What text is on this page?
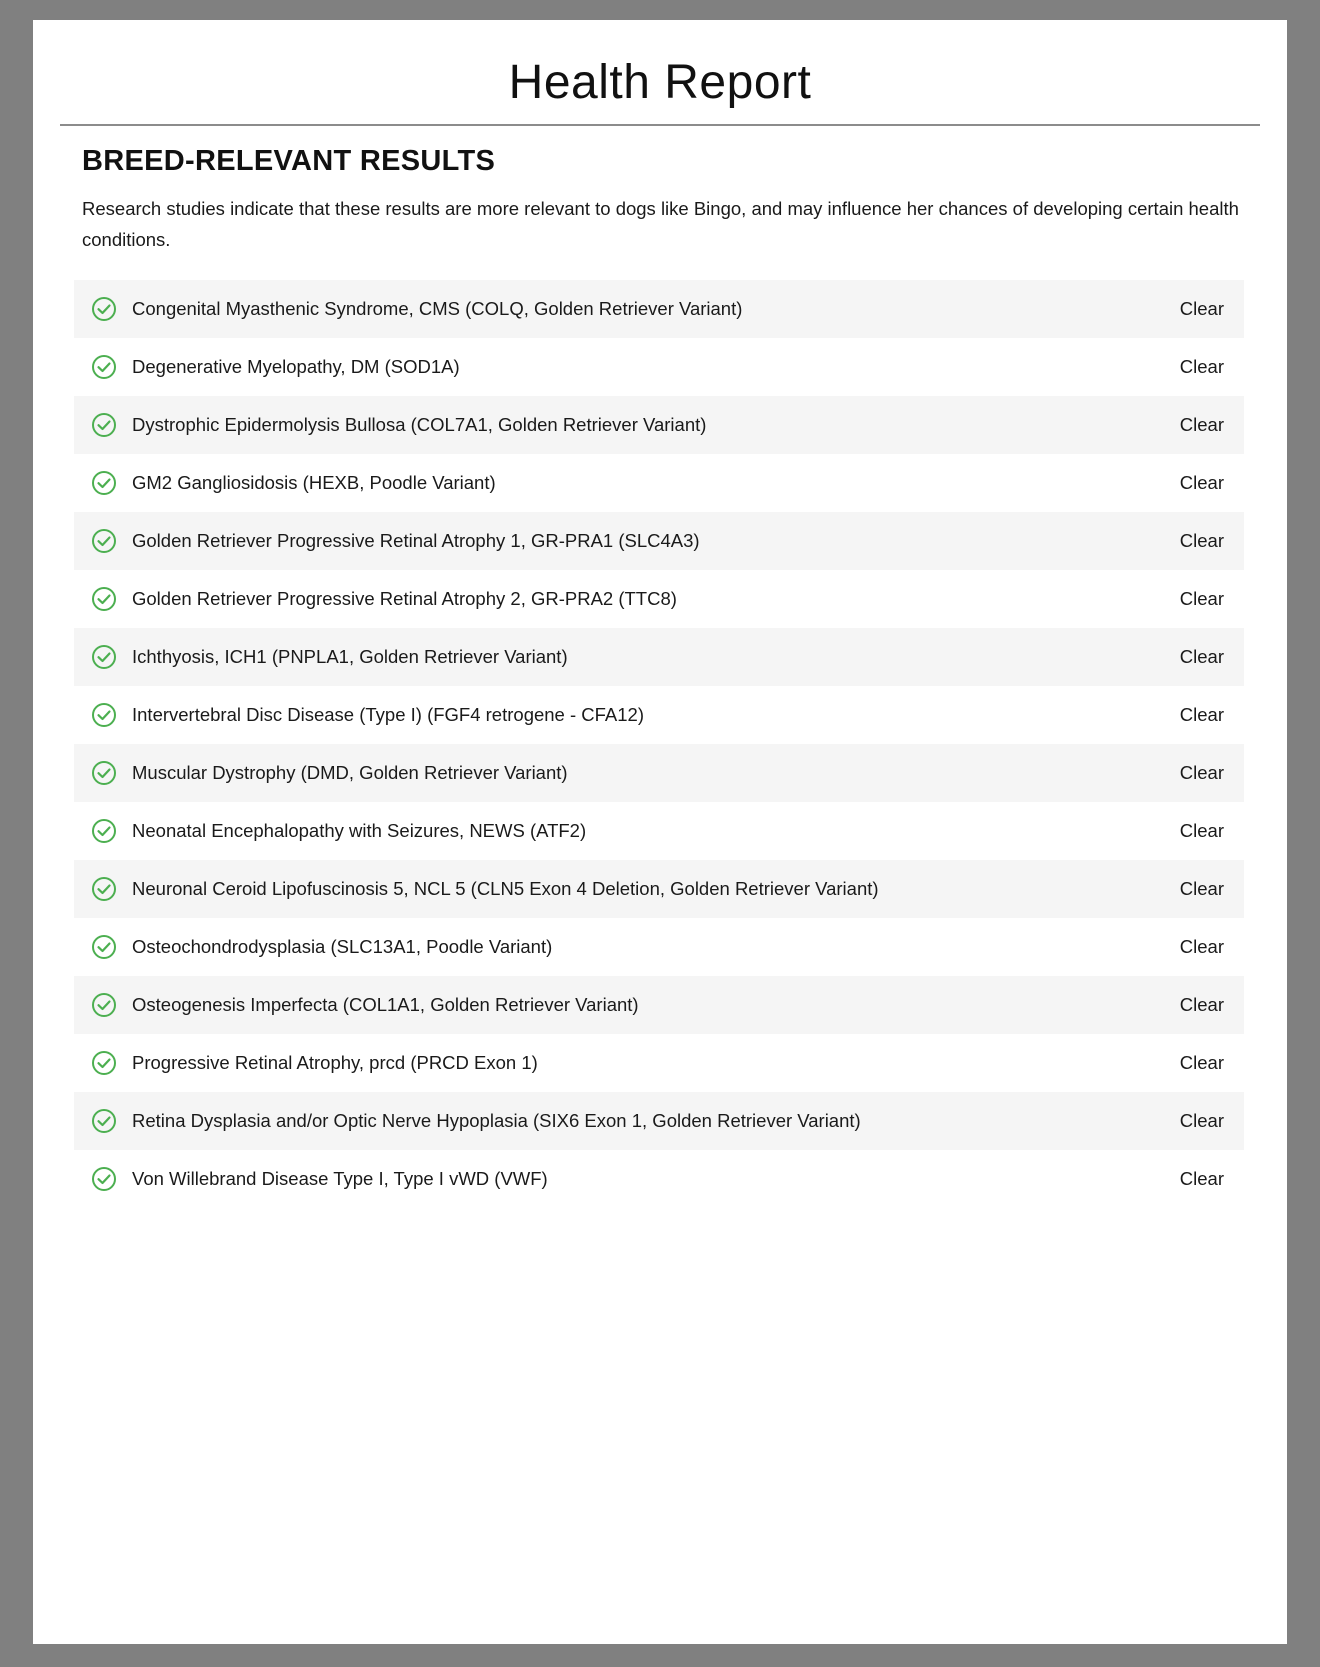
Health Report
BREED-RELEVANT RESULTS

Research studies indicate that these results are more relevant to dogs like Bingo, and may influence her chances of developing certain health conditions.

Congenital Myasthenic Syndrome, CMS (COLQ, Golden Retriever Variant)	Clear
Degenerative Myelopathy, DM (SOD1A)	Clear
Dystrophic Epidermolysis Bullosa (COL7A1, Golden Retriever Variant)	Clear
GM2 Gangliosidosis (HEXB, Poodle Variant)	Clear
Golden Retriever Progressive Retinal Atrophy 1, GR-PRA1 (SLC4A3)	Clear
Golden Retriever Progressive Retinal Atrophy 2, GR-PRA2 (TTC8)	Clear
Ichthyosis, ICH1 (PNPLA1, Golden Retriever Variant)	Clear
Intervertebral Disc Disease (Type I) (FGF4 retrogene - CFA12)	Clear
Muscular Dystrophy (DMD, Golden Retriever Variant)	Clear
Neonatal Encephalopathy with Seizures, NEWS (ATF2)	Clear
Neuronal Ceroid Lipofuscinosis 5, NCL 5 (CLN5 Exon 4 Deletion, Golden Retriever Variant)	Clear
Osteochondrodysplasia (SLC13A1, Poodle Variant)	Clear
Osteogenesis Imperfecta (COL1A1, Golden Retriever Variant)	Clear
Progressive Retinal Atrophy, prcd (PRCD Exon 1)	Clear
Retina Dysplasia and/or Optic Nerve Hypoplasia (SIX6 Exon 1, Golden Retriever Variant)	Clear
Von Willebrand Disease Type I, Type I vWD (VWF)	Clear
